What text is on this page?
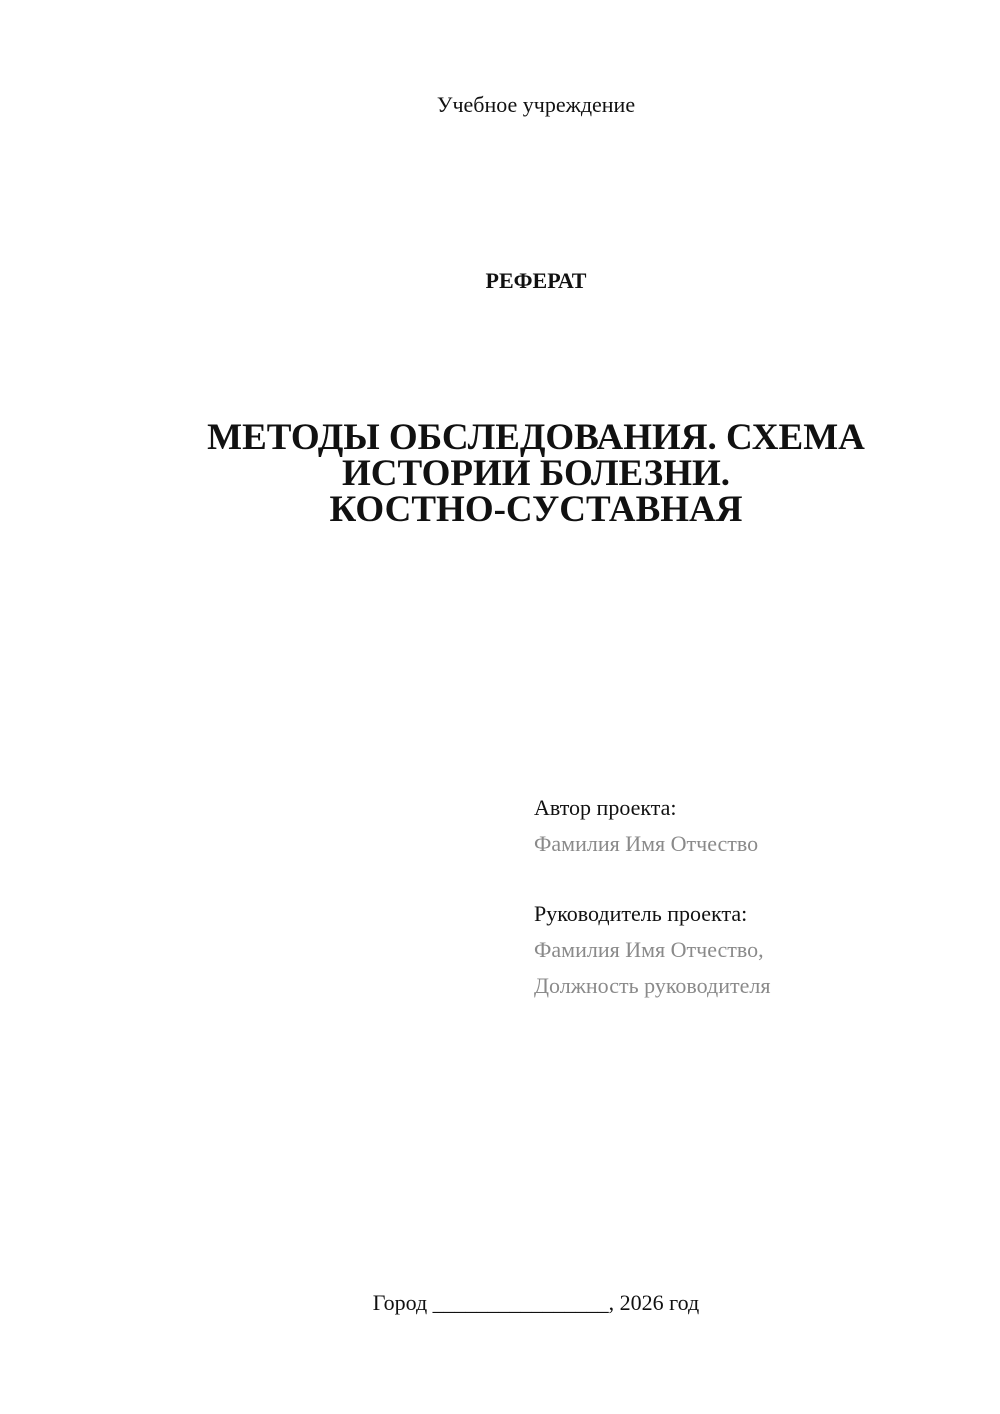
Учебное учреждение
РЕФЕРАТ
МЕТОДЫ ОБСЛЕДОВАНИЯ. СХЕМА
ИСТОРИИ БОЛЕЗНИ.
КОСТНО-СУСТАВНАЯ
Автор проекта:
Фамилия Имя Отчество
Руководитель проекта:
Фамилия Имя Отчество,
Должность руководителя
Город ________________, 2026 год
